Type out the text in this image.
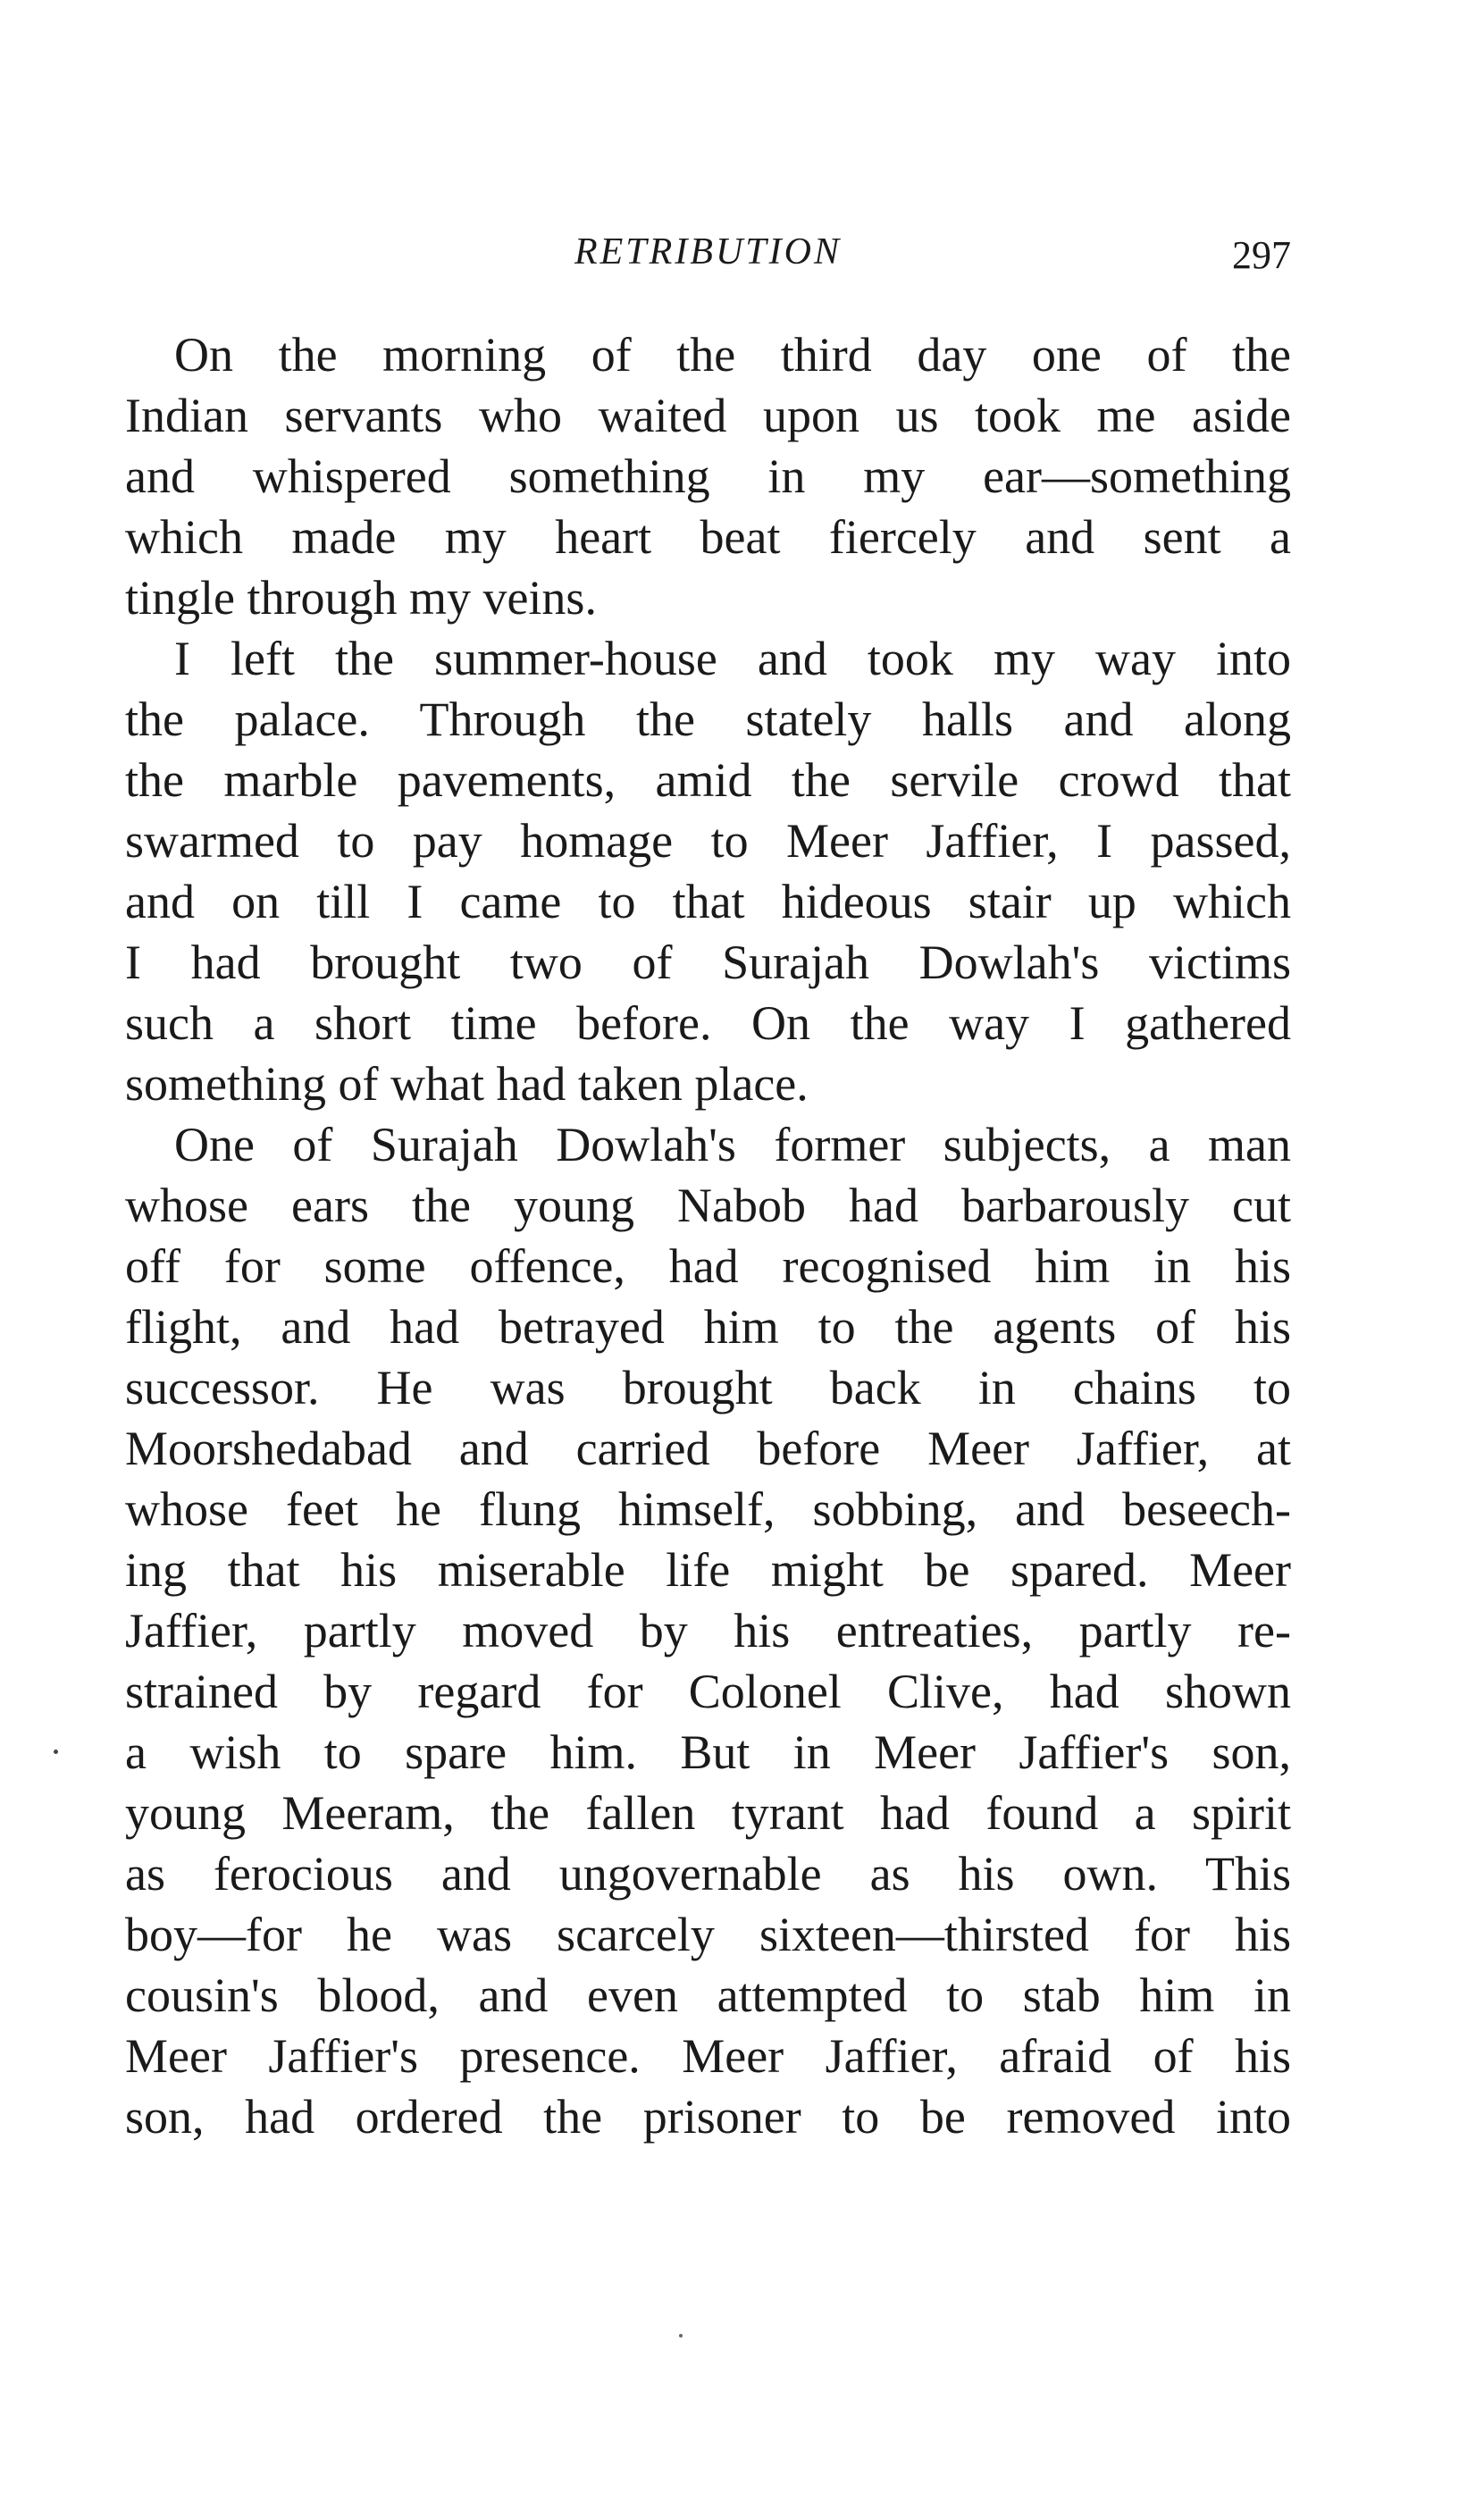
RETRIBUTION	297
On the morning of the third day one of the
Indian servants who waited upon us took me aside
and whispered something in my ear—something
which made my heart beat fiercely and sent a
tingle through my veins.
I left the summer-house and took my way into
the palace. Through the stately halls and along
the marble pavements, amid the servile crowd that
swarmed to pay homage to Meer Jaffier, I passed,
and on till I came to that hideous stair up which
I had brought two of Surajah Dowlah's victims
such a short time before. On the way I gathered
something of what had taken place.
One of Surajah Dowlah's former subjects, a man
whose ears the young Nabob had barbarously cut
off for some offence, had recognised him in his
flight, and had betrayed him to the agents of his
successor. He was brought back in chains to
Moorshedabad and carried before Meer Jaffier, at
whose feet he flung himself, sobbing, and beseech-
ing that his miserable life might be spared. Meer
Jaffier, partly moved by his entreaties, partly re-
strained by regard for Colonel Clive, had shown
a wish to spare him. But in Meer Jaffier's son,
young Meeram, the fallen tyrant had found a spirit
as ferocious and ungovernable as his own. This
boy—for he was scarcely sixteen—thirsted for his
cousin's blood, and even attempted to stab him in
Meer Jaffier's presence. Meer Jaffier, afraid of his
son, had ordered the prisoner to be removed into
